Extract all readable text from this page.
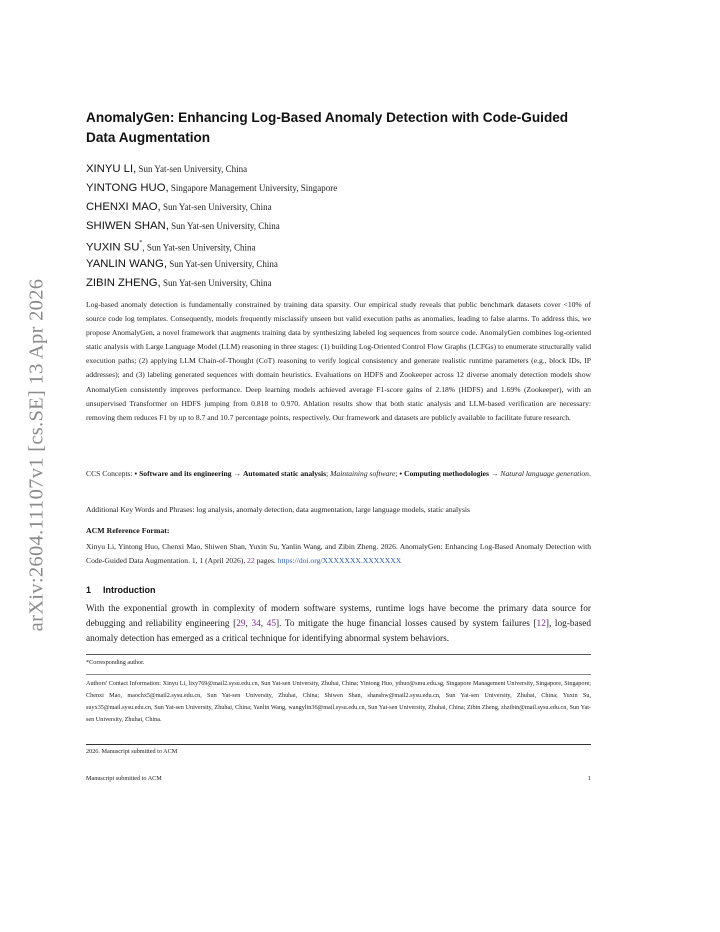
arXiv:2604.11107v1 [cs.SE] 13 Apr 2026
AnomalyGen: Enhancing Log-Based Anomaly Detection with Code-Guided Data Augmentation
XINYU LI, Sun Yat-sen University, China
YINTONG HUO, Singapore Management University, Singapore
CHENXI MAO, Sun Yat-sen University, China
SHIWEN SHAN, Sun Yat-sen University, China
YUXIN SU*, Sun Yat-sen University, China
YANLIN WANG, Sun Yat-sen University, China
ZIBIN ZHENG, Sun Yat-sen University, China
Log-based anomaly detection is fundamentally constrained by training data sparsity. Our empirical study reveals that public benchmark datasets cover <10% of source code log templates. Consequently, models frequently misclassify unseen but valid execution paths as anomalies, leading to false alarms. To address this, we propose AnomalyGen, a novel framework that augments training data by synthesizing labeled log sequences from source code. AnomalyGen combines log-oriented static analysis with Large Language Model (LLM) reasoning in three stages: (1) building Log-Oriented Control Flow Graphs (LCFGs) to enumerate structurally valid execution paths; (2) applying LLM Chain-of-Thought (CoT) reasoning to verify logical consistency and generate realistic runtime parameters (e.g., block IDs, IP addresses); and (3) labeling generated sequences with domain heuristics. Evaluations on HDFS and Zookeeper across 12 diverse anomaly detection models show AnomalyGen consistently improves performance. Deep learning models achieved average F1-score gains of 2.18% (HDFS) and 1.69% (Zookeeper), with an unsupervised Transformer on HDFS jumping from 0.818 to 0.970. Ablation results show that both static analysis and LLM-based verification are necessary: removing them reduces F1 by up to 8.7 and 10.7 percentage points, respectively. Our framework and datasets are publicly available to facilitate future research.
CCS Concepts: • Software and its engineering → Automated static analysis; Maintaining software; • Computing methodologies → Natural language generation.
Additional Key Words and Phrases: log analysis, anomaly detection, data augmentation, large language models, static analysis
ACM Reference Format:
Xinyu Li, Yintong Huo, Chenxi Mao, Shiwen Shan, Yuxin Su, Yanlin Wang, and Zibin Zheng. 2026. AnomalyGen: Enhancing Log-Based Anomaly Detection with Code-Guided Data Augmentation. 1, 1 (April 2026), 22 pages. https://doi.org/XXXXXXX.XXXXXXX
1 Introduction
With the exponential growth in complexity of modern software systems, runtime logs have become the primary data source for debugging and reliability engineering [29, 34, 45]. To mitigate the huge financial losses caused by system failures [12], log-based anomaly detection has emerged as a critical technique for identifying abnormal system behaviors.
*Corresponding author.
Authors' Contact Information: Xinyu Li, lixy769@mail2.sysu.edu.cn, Sun Yat-sen University, Zhuhai, China; Yintong Huo, ythuo@smu.edu.sg, Singapore Management University, Singapore, Singapore; Chenxi Mao, maochx5@mail2.sysu.edu.cn, Sun Yat-sen University, Zhuhai, China; Shiwen Shan, shanshw@mail2.sysu.edu.cn, Sun Yat-sen University, Zhuhai, China; Yuxin Su, suyx35@mail.sysu.edu.cn, Sun Yat-sen University, Zhuhai, China; Yanlin Wang, wangylin36@mail.sysu.edu.cn, Sun Yat-sen University, Zhuhai, China; Zibin Zheng, zhzibin@mail.sysu.edu.cn, Sun Yat-sen University, Zhuhai, China.
2026. Manuscript submitted to ACM
Manuscript submitted to ACM	1
